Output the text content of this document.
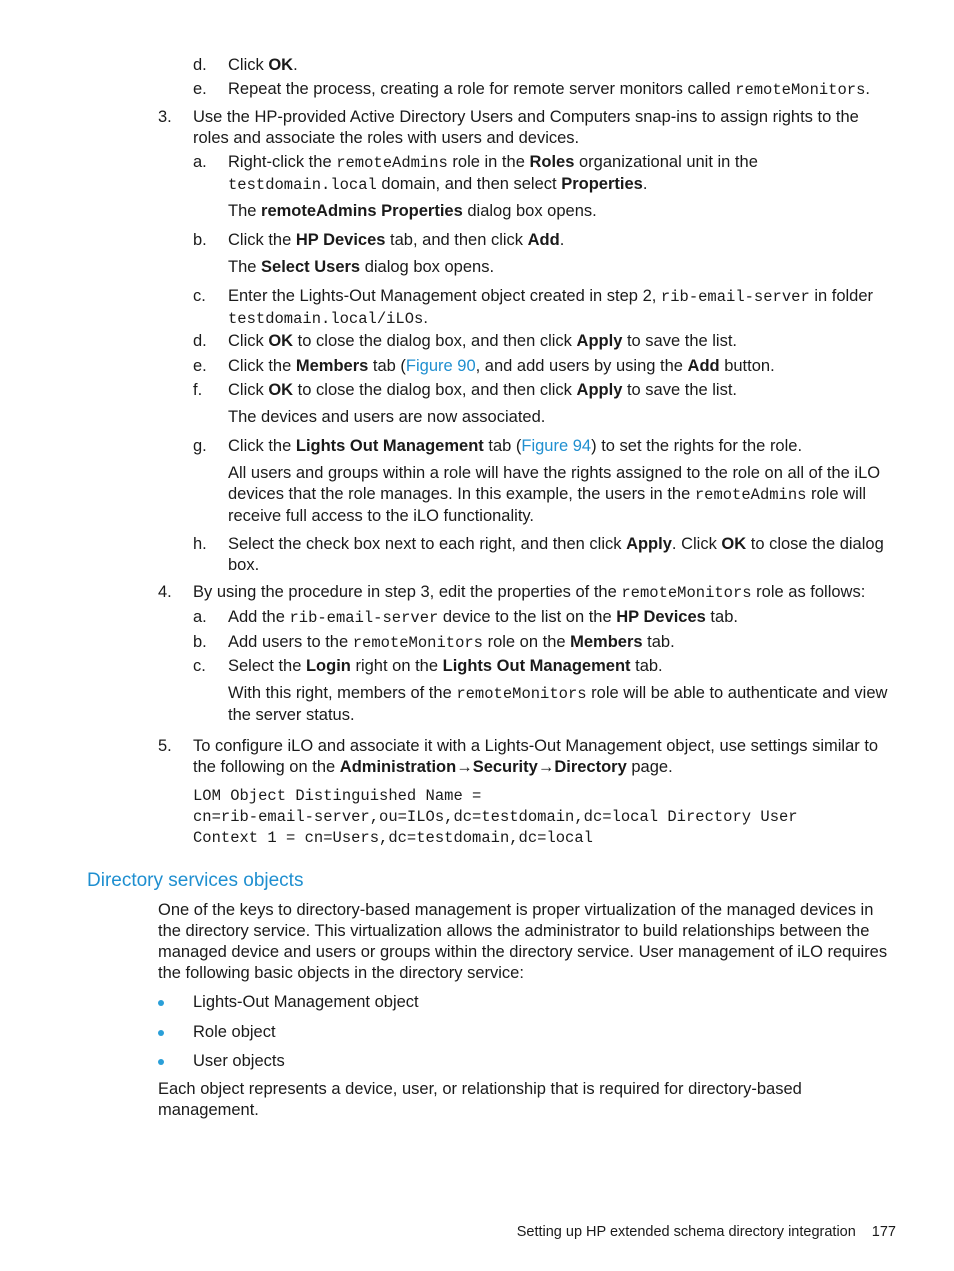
d. Click OK.
e. Repeat the process, creating a role for remote server monitors called remoteMonitors.
3. Use the HP-provided Active Directory Users and Computers snap-ins to assign rights to the roles and associate the roles with users and devices.
a. Right-click the remoteAdmins role in the Roles organizational unit in the testdomain.local domain, and then select Properties.
The remoteAdmins Properties dialog box opens.
b. Click the HP Devices tab, and then click Add.
The Select Users dialog box opens.
c. Enter the Lights-Out Management object created in step 2, rib-email-server in folder testdomain.local/iLOs.
d. Click OK to close the dialog box, and then click Apply to save the list.
e. Click the Members tab (Figure 90, and add users by using the Add button.
f. Click OK to close the dialog box, and then click Apply to save the list.
The devices and users are now associated.
g. Click the Lights Out Management tab (Figure 94) to set the rights for the role.
All users and groups within a role will have the rights assigned to the role on all of the iLO devices that the role manages. In this example, the users in the remoteAdmins role will receive full access to the iLO functionality.
h. Select the check box next to each right, and then click Apply. Click OK to close the dialog box.
4. By using the procedure in step 3, edit the properties of the remoteMonitors role as follows:
a. Add the rib-email-server device to the list on the HP Devices tab.
b. Add users to the remoteMonitors role on the Members tab.
c. Select the Login right on the Lights Out Management tab.
With this right, members of the remoteMonitors role will be able to authenticate and view the server status.
5. To configure iLO and associate it with a Lights-Out Management object, use settings similar to the following on the Administration→Security→Directory page.
LOM Object Distinguished Name =
cn=rib-email-server,ou=ILOs,dc=testdomain,dc=local Directory User
Context 1 = cn=Users,dc=testdomain,dc=local
Directory services objects
One of the keys to directory-based management is proper virtualization of the managed devices in the directory service. This virtualization allows the administrator to build relationships between the managed device and users or groups within the directory service. User management of iLO requires the following basic objects in the directory service:
Lights-Out Management object
Role object
User objects
Each object represents a device, user, or relationship that is required for directory-based management.
Setting up HP extended schema directory integration 177
